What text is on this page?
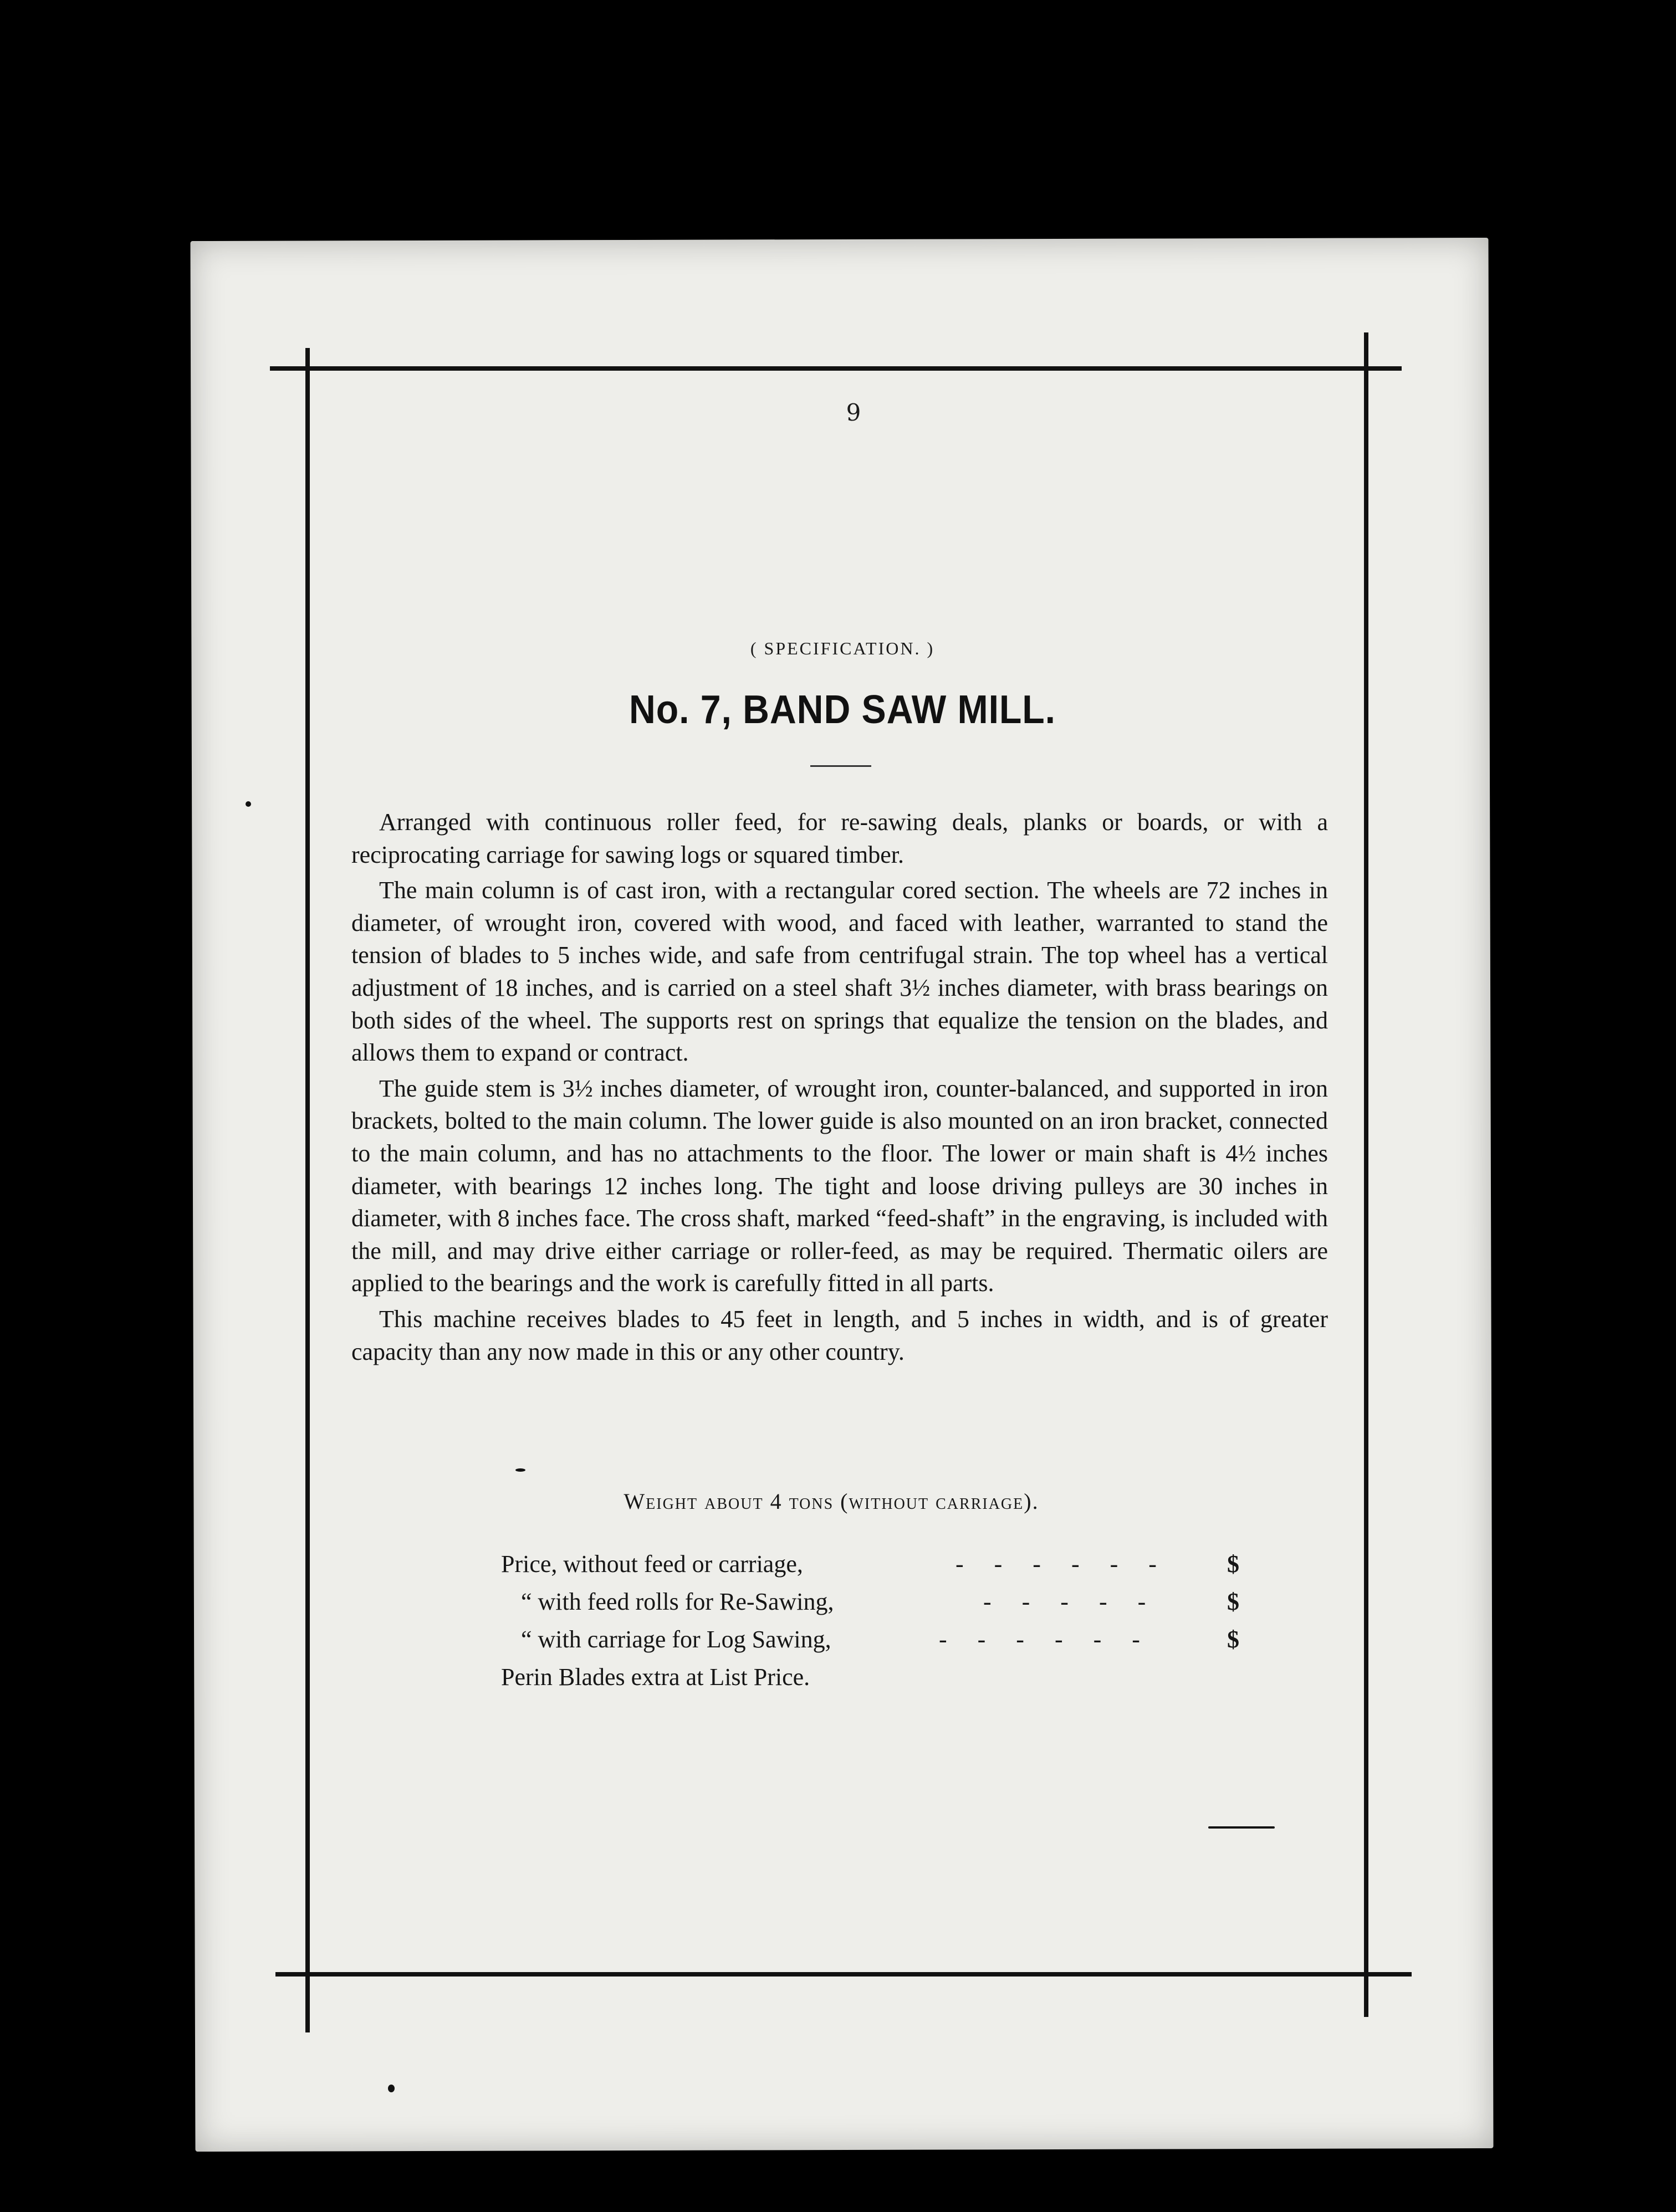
9
( SPECIFICATION. )
No. 7, BAND SAW MILL.

Arranged with continuous roller feed, for re-sawing deals, planks or boards, or with a reciprocating carriage for sawing logs or squared timber.

The main column is of cast iron, with a rectangular cored section. The wheels are 72 inches in diameter, of wrought iron, covered with wood, and faced with leather, warranted to stand the tension of blades to 5 inches wide, and safe from centrifugal strain. The top wheel has a vertical adjustment of 18 inches, and is carried on a steel shaft 3½ inches diameter, with brass bearings on both sides of the wheel. The supports rest on springs that equalize the tension on the blades, and allows them to expand or contract.

The guide stem is 3½ inches diameter, of wrought iron, counter-balanced, and supported in iron brackets, bolted to the main column. The lower guide is also mounted on an iron bracket, connected to the main column, and has no attachments to the floor. The lower or main shaft is 4½ inches diameter, with bearings 12 inches long. The tight and loose driving pulleys are 30 inches in diameter, with 8 inches face. The cross shaft, marked “feed-shaft” in the engraving, is included with the mill, and may drive either carriage or roller-feed, as may be required. Thermatic oilers are applied to the bearings and the work is carefully fitted in all parts.

This machine receives blades to 45 feet in length, and 5 inches in width, and is of greater capacity than any now made in this or any other country.

Weight about 4 tons (without carriage).
Price, without feed or carriage,	- - - - - - $
“ with feed rolls for Re-Sawing,	- - - - -	$
“ with carriage for Log Sawing,	- - - - - -	$
Perin Blades extra at List Price.
